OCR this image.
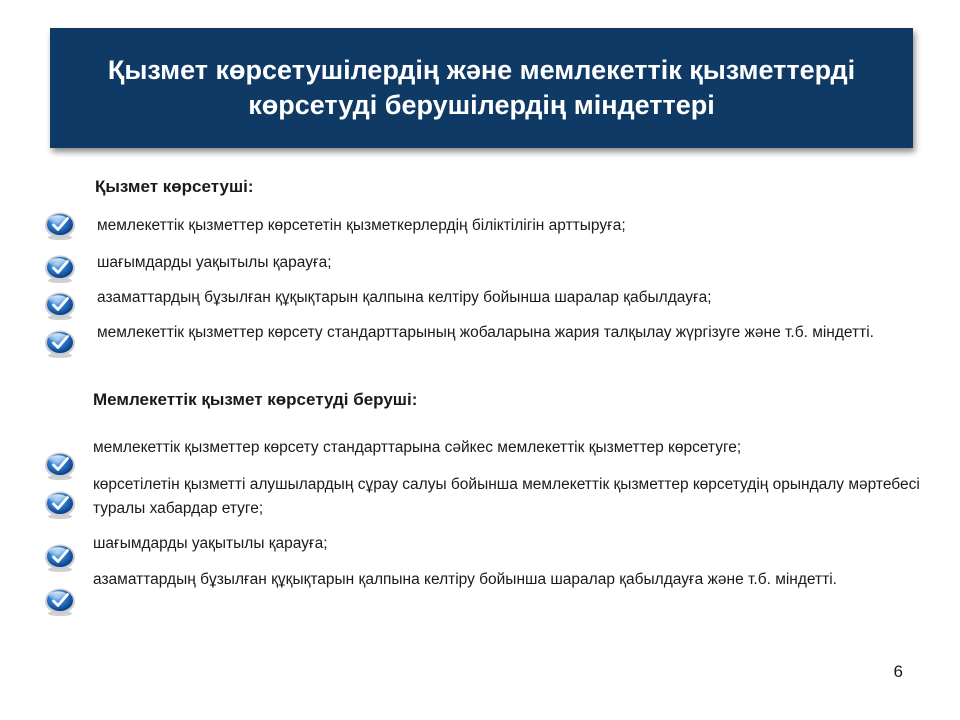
Қызмет көрсетушілердің және мемлекеттік қызметтерді көрсетуді берушілердің міндеттері
Қызмет көрсетуші:
мемлекеттік қызметтер көрсететін қызметкерлердің біліктілігін арттыруға;
шағымдарды уақытылы қарауға;
азаматтардың бұзылған құқықтарын қалпына келтіру бойынша шаралар қабылдауға;
мемлекеттік қызметтер көрсету стандарттарының жобаларына жария талқылау жүргізуге және т.б. міндетті.
Мемлекеттік қызмет көрсетуді беруші:
мемлекеттік қызметтер көрсету стандарттарына сәйкес мемлекеттік қызметтер көрсетуге;
көрсетілетін қызметті алушылардың сұрау салуы бойынша мемлекеттік қызметтер көрсетудің орындалу мәртебесі туралы хабардар етуге;
шағымдарды уақытылы қарауға;
азаматтардың бұзылған құқықтарын қалпына келтіру бойынша шаралар қабылдауға және т.б. міндетті.
6
